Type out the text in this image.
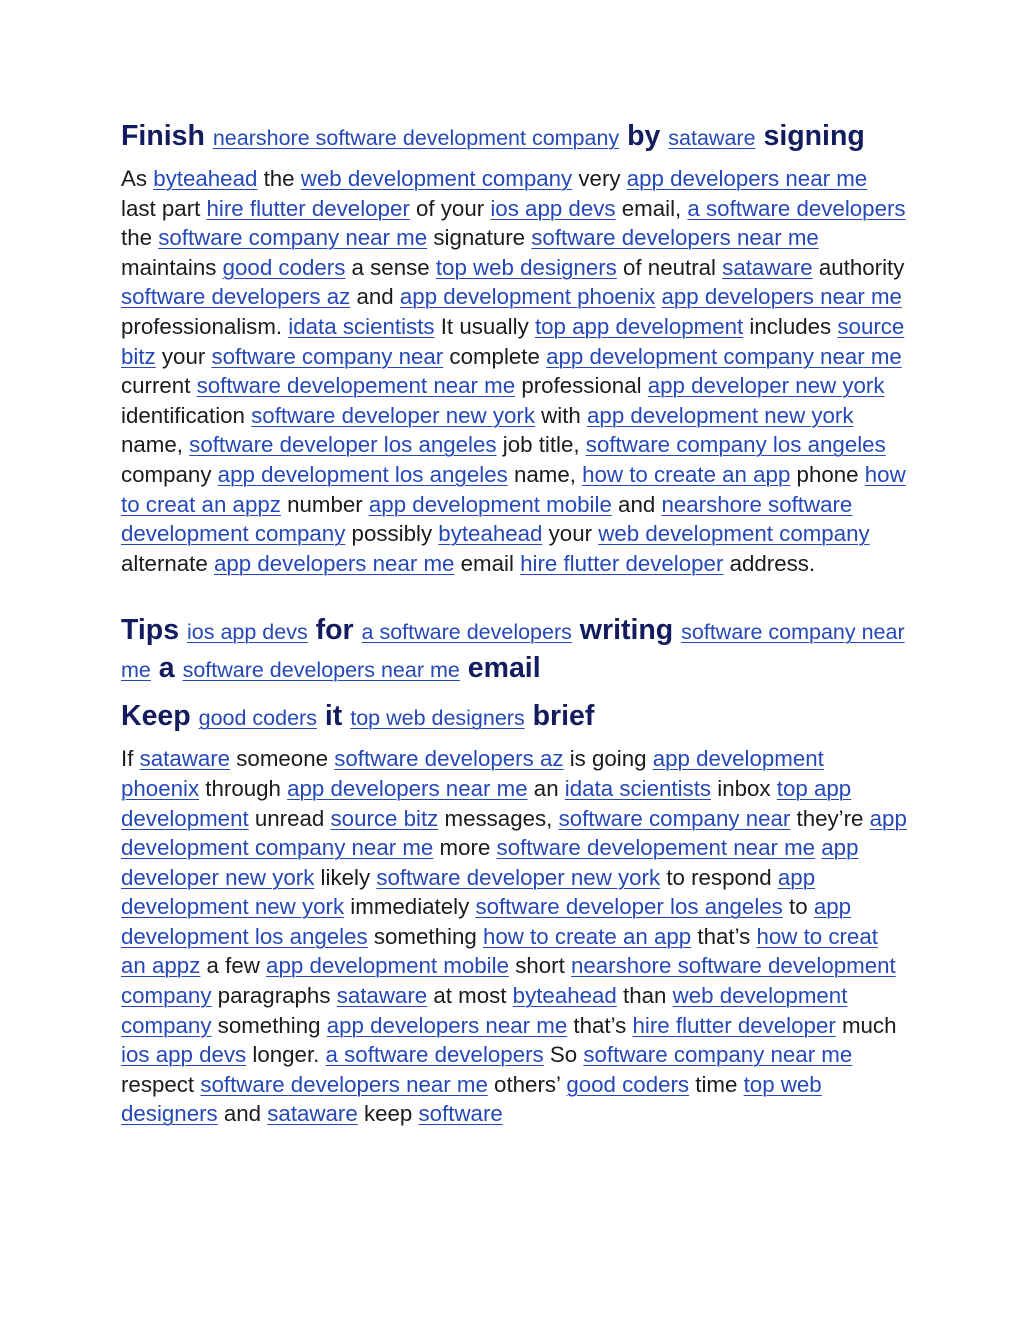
Finish nearshore software development company by sataware signing

As byteahead the web development company very app developers near me last part hire flutter developer of your ios app devs email, a software developers the software company near me signature software developers near me maintains good coders a sense top web designers of neutral sataware authority software developers az and app development phoenix app developers near me professionalism. idata scientists It usually top app development includes source bitz your software company near complete app development company near me current software developement near me professional app developer new york identification software developer new york with app development new york name, software developer los angeles job title, software company los angeles company app development los angeles name, how to create an app phone how to creat an appz number app development mobile and nearshore software development company possibly byteahead your web development company alternate app developers near me email hire flutter developer address.

Tips ios app devs for a software developers writing software company near me a software developers near me email
Keep good coders it top web designers brief

If sataware someone software developers az is going app development phoenix through app developers near me an idata scientists inbox top app development unread source bitz messages, software company near they’re app development company near me more software developement near me app developer new york likely software developer new york to respond app development new york immediately software developer los angeles to app development los angeles something how to create an app that’s how to creat an appz a few app development mobile short nearshore software development company paragraphs sataware at most byteahead than web development company something app developers near me that’s hire flutter developer much ios app devs longer. a software developers So software company near me respect software developers near me others’ good coders time top web designers and sataware keep software
